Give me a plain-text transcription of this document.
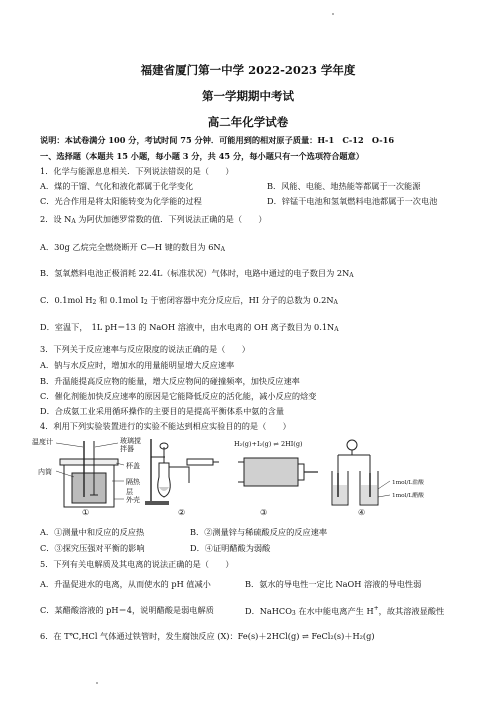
福建省厦门第一中学 2022-2023 学年度
第一学期期中考试
高二年化学试卷
说明：本试卷满分 100 分，考试时间 75 分钟．可能用到的相对原子质量：H-1　C-12　O-16
一、选择题（本题共 15 小题，每小题 3 分，共 45 分，每小题只有一个选项符合题意）
1．化学与能源息息相关．下列说法错误的是（　　）
A．煤的干馏、气化和液化都属于化学变化	B．风能、电能、地热能等都属于一次能源
C．光合作用是将太阳能转变为化学能的过程	D．锌锰干电池和氢氧燃料电池都属于一次电池
2．设 $N_A$ 为阿伏加德罗常数的值．下列说法正确的是（　　）
A．30g 乙烷完全燃烧断开 C—H 键的数目为 $6N_A$
B．氢氧燃料电池正极消耗 22.4L（标准状况）气体时，电路中通过的电子数目为 $2N_A$
C．0.1mol $H_2$ 和 0.1mol $I_2$ 于密闭容器中充分反应后，HI 分子的总数为 $0.2N_A$
D．室温下，　1L pH＝13 的 NaOH 溶液中，由水电离的 OH 离子数目为 $0.1N_A$
3．下列关于反应速率与反应限度的说法正确的是（　　）
A．钠与水反应时，增加水的用量能明显增大反应速率
B．升温能提高反应物的能量，增大反应物间的碰撞频率，加快反应速率
C．催化剂能加快反应速率的原因是它能降低反应的活化能，减小反应的焓变
D．合成氨工业采用循环操作的主要目的是提高平衡体系中氨的含量
4．利用下列实验装置进行的实验不能达到相应实验目的的是（　　）
温度计	玻璃搅拌器
内筒
杯盖
隔热层
外壳
①	②
H₂(g)+I₂(g) ⇌ 2HI(g)
③
1mol/L盐酸
1mol/L醋酸
④
A．①测量中和反应的反应热	B．②测量锌与稀硫酸反应的反应速率
C．③探究压强对平衡的影响	D．④证明醋酸为弱酸
5．下列有关电解质及其电离的说法正确的是（　　）
A．升温促进水的电离，从而使水的 pH 值减小	B．氨水的导电性一定比 NaOH 溶液的导电性弱
C．某醋酸溶液的 pH＝4，说明醋酸是弱电解质	D．NaHCO$_3$ 在水中能电离产生 H+，故其溶液显酸性
6．在 T℃,HCl 气体通过铁管时，发生腐蚀反应 (X)：Fe(s)＋2HCl(g) ⇌ FeCl₂(s)＋H₂(g)
